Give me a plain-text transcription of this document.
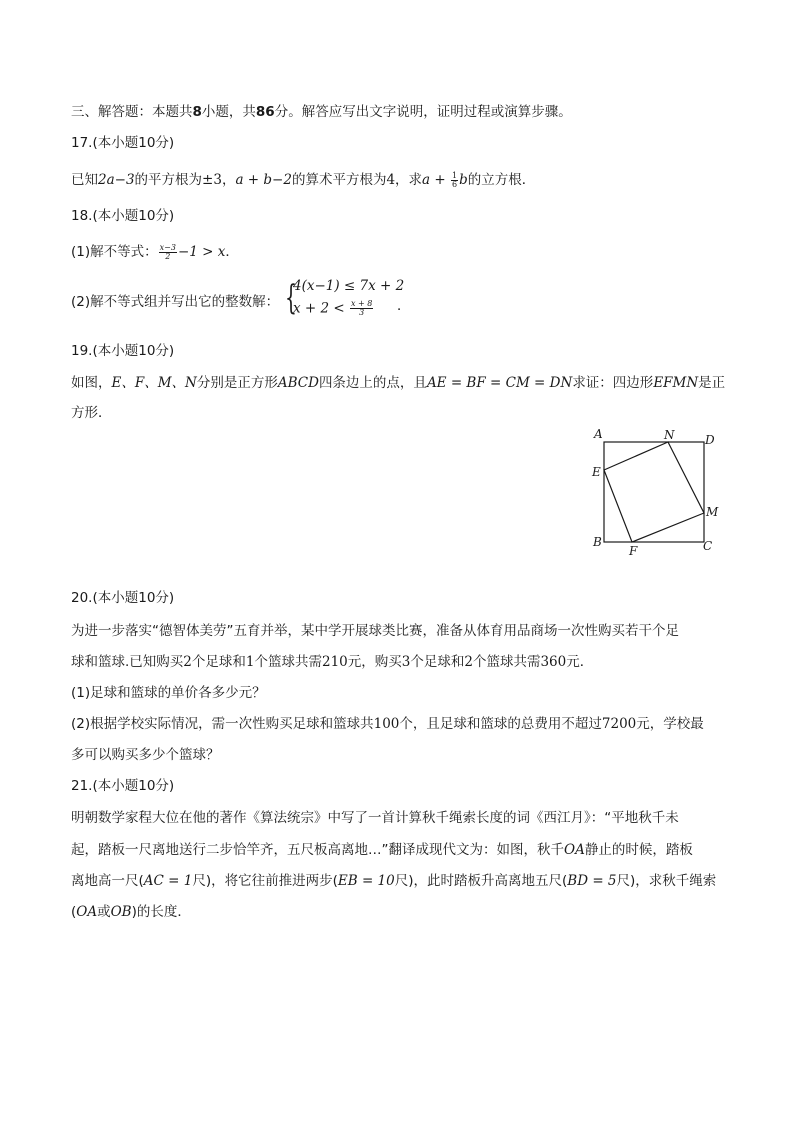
三、解答题：本题共8小题，共86分。解答应写出文字说明，证明过程或演算步骤。
17.(本小题10分)
已知2a−3的平方根为±3，a + b−2的算术平方根为4，求$a + \frac{1}{6}$ b的立方根．
18.(本小题10分)
(1)解不等式： $\frac{x-3}{2} -1 > x$．
(2)解不等式组并写出它的整数解： {
4(x−1) ≤ 7x + 2
$x + 2 < \frac{x + 8}{3}$ ．
19.(本小题10分)
如图，E、F、M、N分别是正方形ABCD四条边上的点，且AE = BF = CM = DN求证：四边形EFMN是正
方形．
A	N	D
E
M
B
F	C
20.(本小题10分)
为进一步落实“德智体美劳”五育并举，某中学开展球类比赛，准备从体育用品商场一次性购买若干个足
球和篮球.已知购买2个足球和1个篮球共需210元，购买3个足球和2个篮球共需360元．
(1)足球和篮球的单价各多少元？
(2)根据学校实际情况，需一次性购买足球和篮球共100个，且足球和篮球的总费用不超过7200元，学校最
多可以购买多少个篮球？
21.(本小题10分)
明朝数学家程大位在他的著作《算法统宗》中写了一首计算秋千绳索长度的词《西江月》：“平地秋千未
起，踏板一尺离地送行二步恰竿齐，五尺板高离地…”翻译成现代文为：如图，秋千OA静止的时候，踏板
离地高一尺(AC = 1尺)，将它往前推进两步(EB = 10尺)，此时踏板升高离地五尺(BD = 5尺)，求秋千绳索
(OA或OB)的长度．
